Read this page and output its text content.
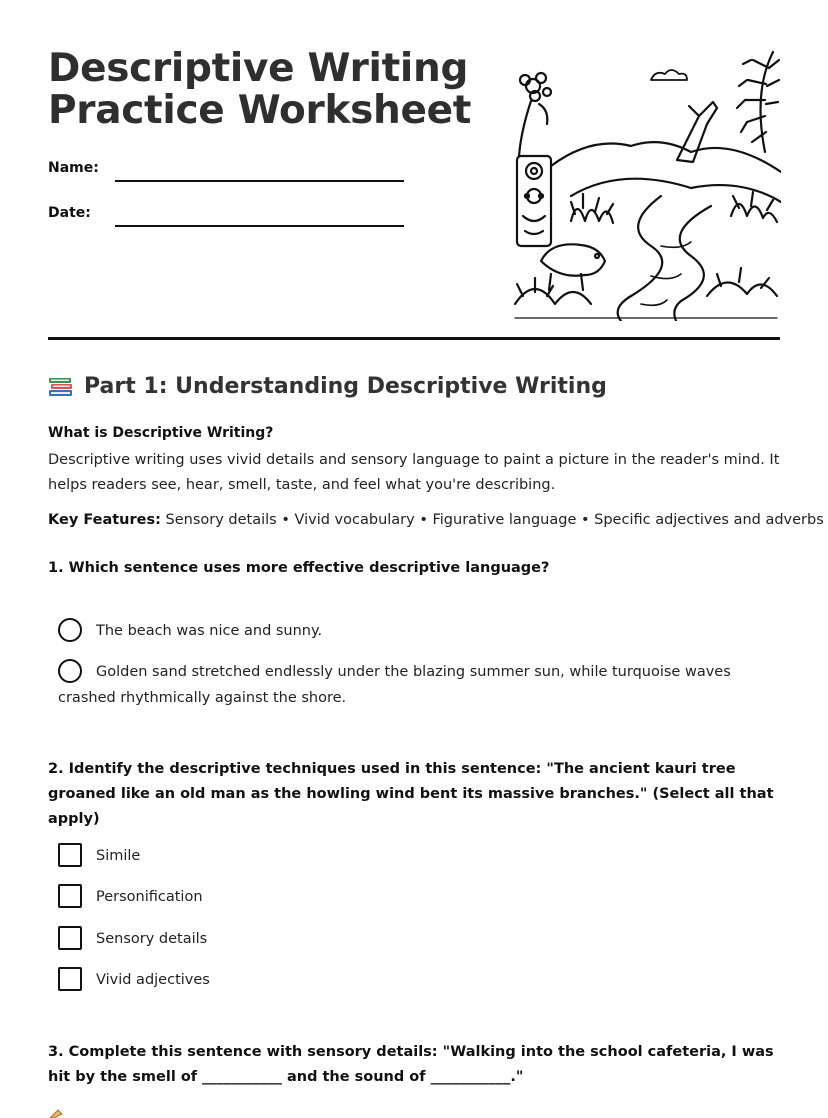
Descriptive Writing
Practice Worksheet
Name:
Date:
Part 1: Understanding Descriptive Writing
What is Descriptive Writing?
Descriptive writing uses vivid details and sensory language to paint a picture in the reader's mind. It helps readers see, hear, smell, taste, and feel what you're describing.
Key Features: Sensory details • Vivid vocabulary • Figurative language • Specific adjectives and adverbs
1. Which sentence uses more effective descriptive language?
The beach was nice and sunny.
Golden sand stretched endlessly under the blazing summer sun, while turquoise waves crashed rhythmically against the shore.
2. Identify the descriptive techniques used in this sentence: "The ancient kauri tree groaned like an old man as the howling wind bent its massive branches." (Select all that apply)
Simile
Personification
Sensory details
Vivid adjectives
3. Complete this sentence with sensory details: "Walking into the school cafeteria, I was hit by the smell of ___________ and the sound of ___________."
